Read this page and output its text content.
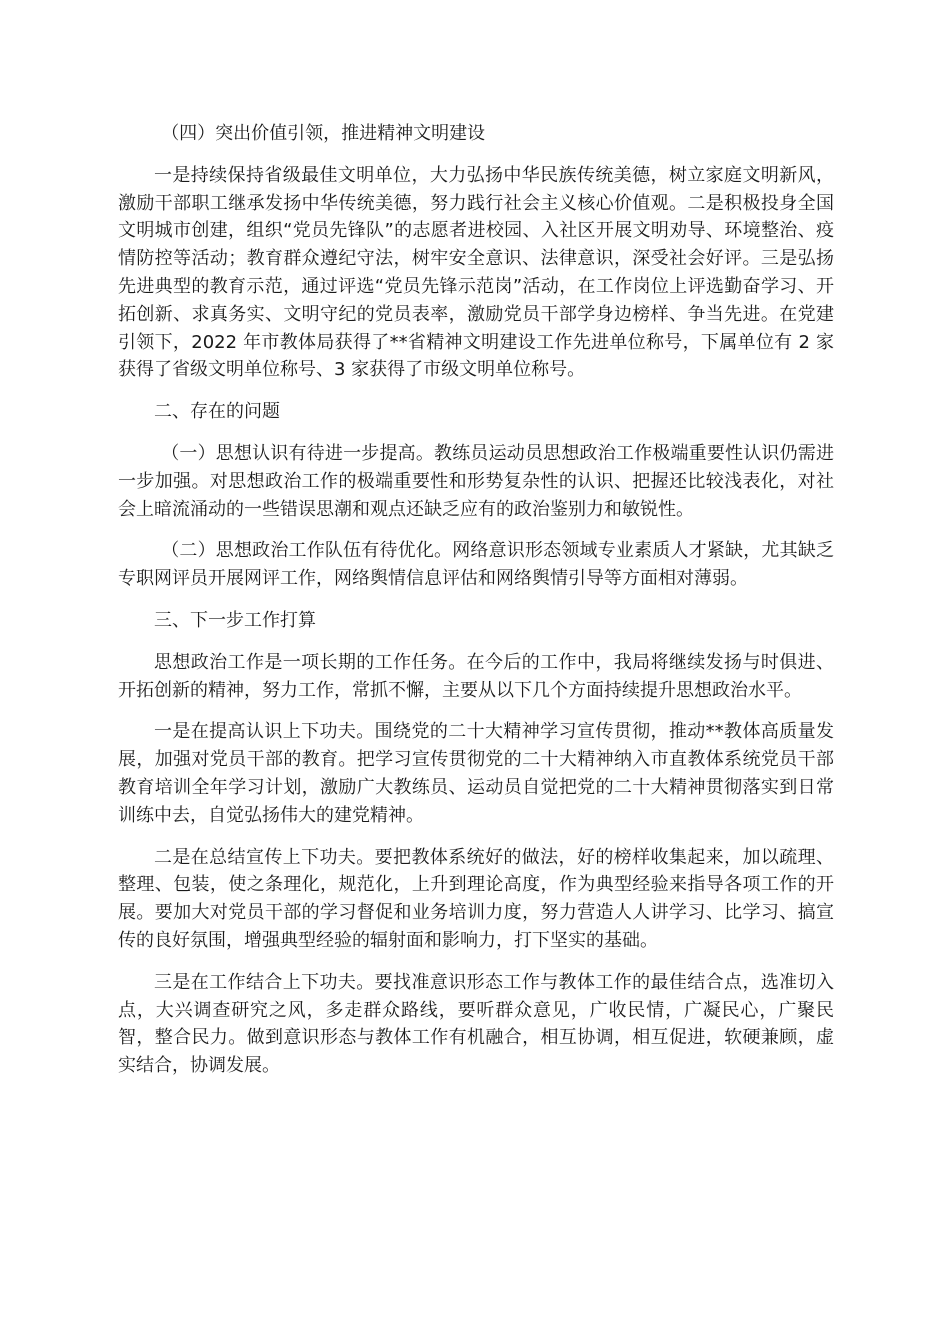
（四）突出价值引领，推进精神文明建设

一是持续保持省级最佳文明单位，大力弘扬中华民族传统美德，树立家庭文明新风，激励干部职工继承发扬中华传统美德，努力践行社会主义核心价值观。二是积极投身全国文明城市创建，组织“党员先锋队”的志愿者进校园、入社区开展文明劝导、环境整治、疫情防控等活动；教育群众遵纪守法，树牢安全意识、法律意识，深受社会好评。三是弘扬先进典型的教育示范，通过评选“党员先锋示范岗”活动，在工作岗位上评选勤奋学习、开拓创新、求真务实、文明守纪的党员表率，激励党员干部学身边榜样、争当先进。在党建引领下，2022 年市教体局获得了**省精神文明建设工作先进单位称号，下属单位有 2 家获得了省级文明单位称号、3 家获得了市级文明单位称号。

二、存在的问题

（一）思想认识有待进一步提高。教练员运动员思想政治工作极端重要性认识仍需进一步加强。对思想政治工作的极端重要性和形势复杂性的认识、把握还比较浅表化，对社会上暗流涌动的一些错误思潮和观点还缺乏应有的政治鉴别力和敏锐性。

（二）思想政治工作队伍有待优化。网络意识形态领域专业素质人才紧缺，尤其缺乏专职网评员开展网评工作，网络舆情信息评估和网络舆情引导等方面相对薄弱。

三、下一步工作打算

思想政治工作是一项长期的工作任务。在今后的工作中，我局将继续发扬与时俱进、开拓创新的精神，努力工作，常抓不懈，主要从以下几个方面持续提升思想政治水平。

一是在提高认识上下功夫。围绕党的二十大精神学习宣传贯彻，推动**教体高质量发展，加强对党员干部的教育。把学习宣传贯彻党的二十大精神纳入市直教体系统党员干部教育培训全年学习计划，激励广大教练员、运动员自觉把党的二十大精神贯彻落实到日常训练中去，自觉弘扬伟大的建党精神。

二是在总结宣传上下功夫。要把教体系统好的做法，好的榜样收集起来，加以疏理、整理、包装，使之条理化，规范化，上升到理论高度，作为典型经验来指导各项工作的开展。要加大对党员干部的学习督促和业务培训力度，努力营造人人讲学习、比学习、搞宣传的良好氛围，增强典型经验的辐射面和影响力，打下坚实的基础。

三是在工作结合上下功夫。要找准意识形态工作与教体工作的最佳结合点，选准切入点，大兴调查研究之风，多走群众路线，要听群众意见，广收民情，广凝民心，广聚民智，整合民力。做到意识形态与教体工作有机融合，相互协调，相互促进，软硬兼顾，虚实结合，协调发展。
